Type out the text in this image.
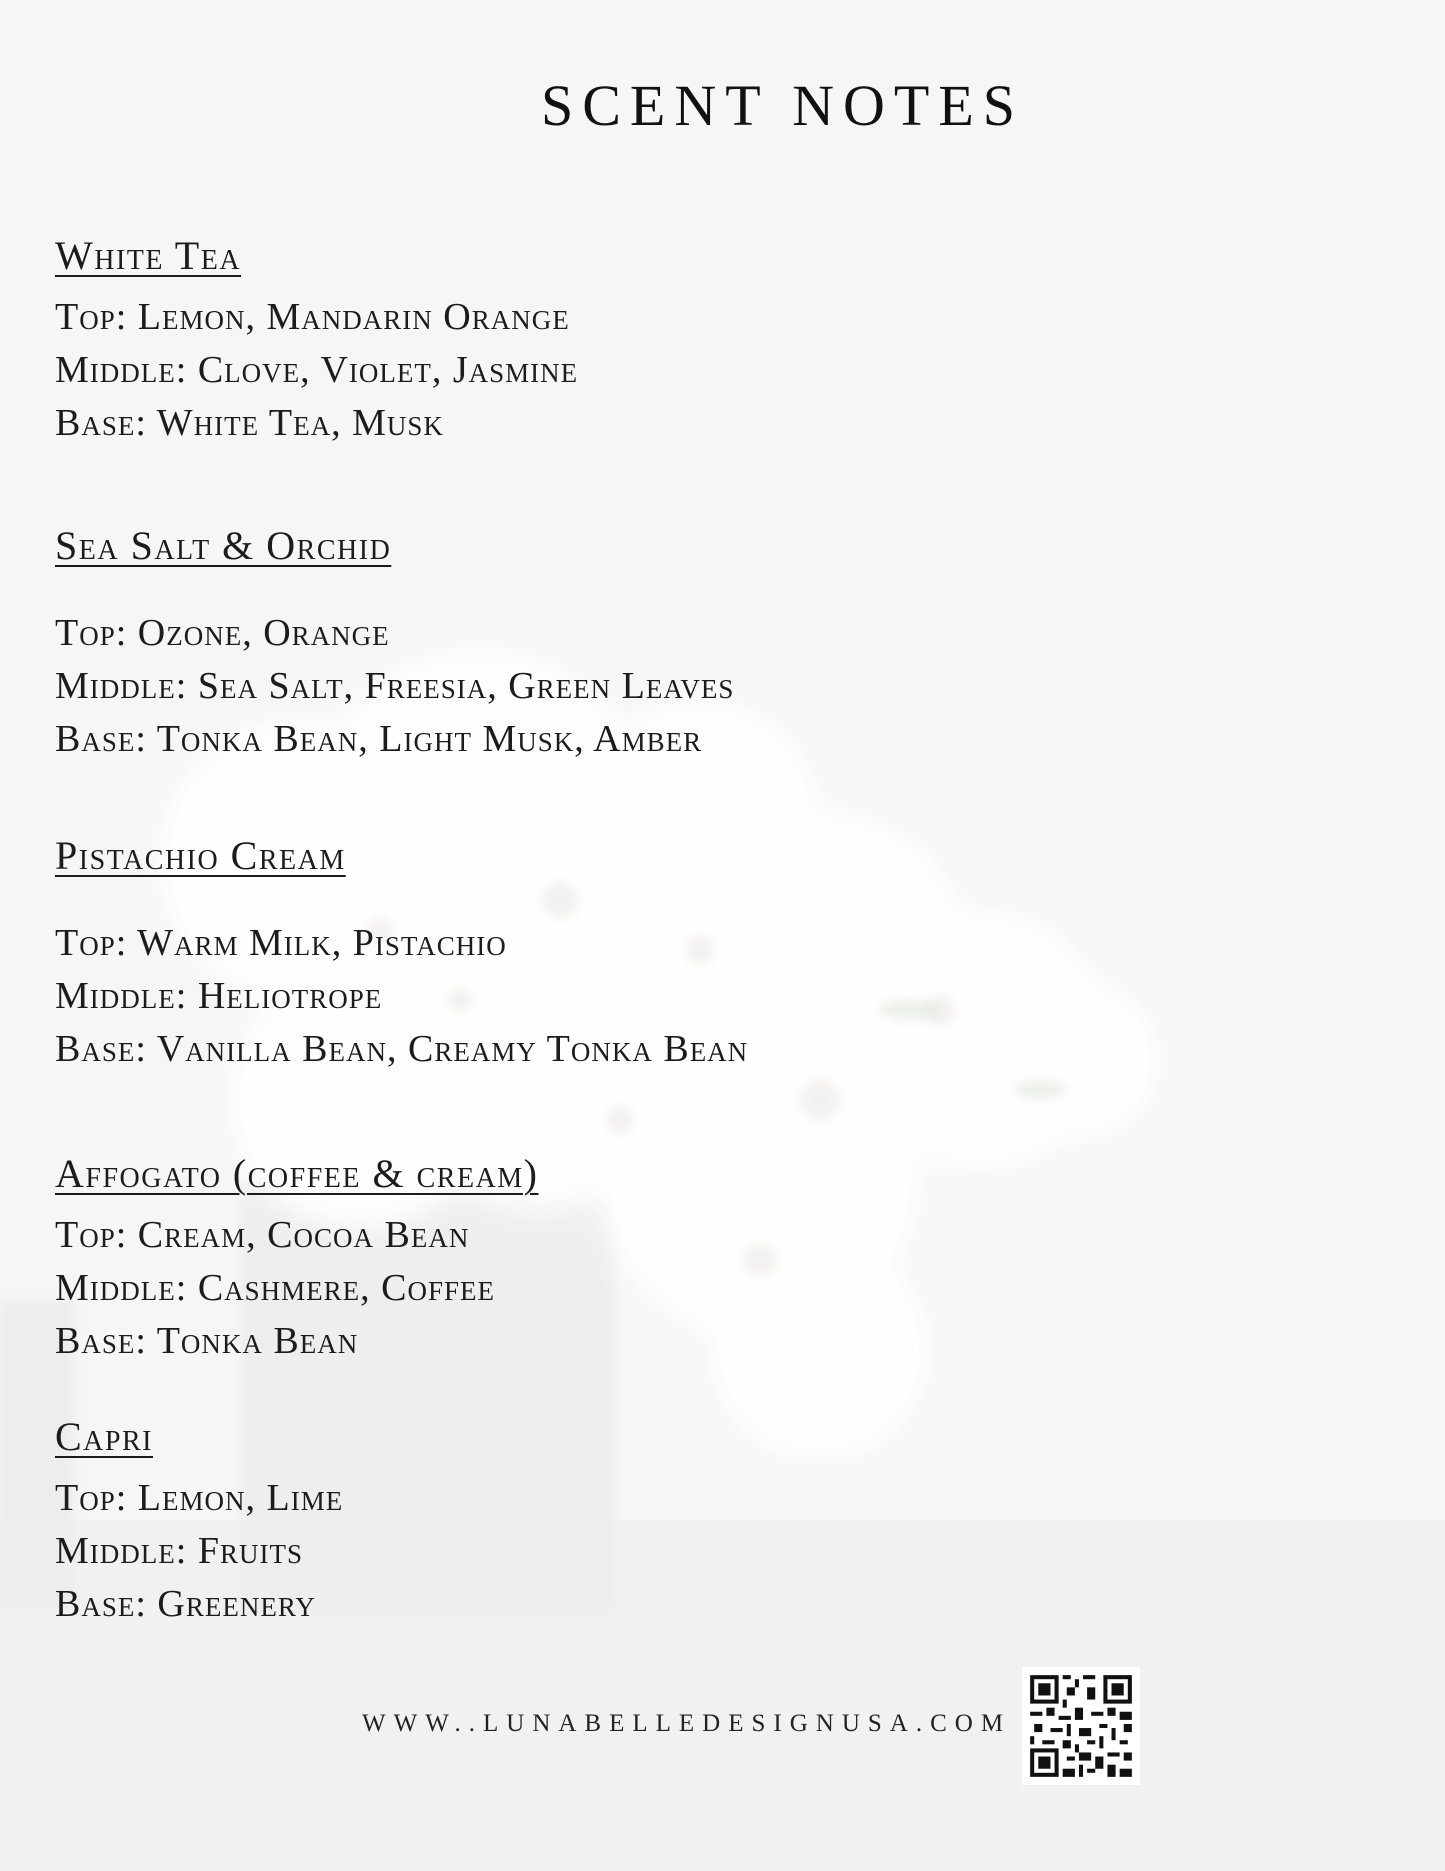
SCENT NOTES
White Tea
Top: Lemon, Mandarin Orange
Middle: Clove, Violet, Jasmine
Base: White Tea, Musk
Sea Salt & Orchid
Top: Ozone, Orange
Middle: Sea Salt, Freesia, Green Leaves
Base: Tonka Bean, Light Musk, Amber
Pistachio Cream
Top: Warm Milk, Pistachio
Middle: Heliotrope
Base: Vanilla Bean, Creamy Tonka Bean
Affogato (coffee & cream)
Top: Cream, Cocoa Bean
Middle: Cashmere, Coffee
Base: Tonka Bean
Capri
Top: Lemon, Lime
Middle: Fruits
Base: Greenery
WWW..LUNABELLEDESIGNUSA.COM
